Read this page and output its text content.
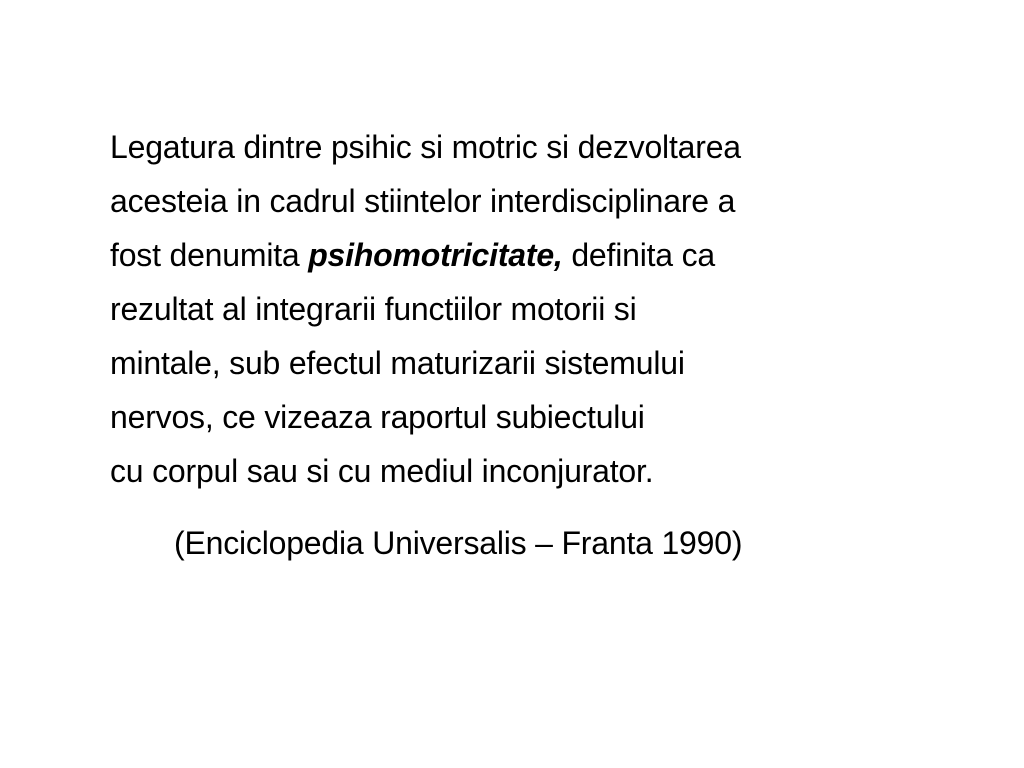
Legatura dintre psihic si motric si dezvoltarea
acesteia in cadrul stiintelor interdisciplinare a
fost denumita psihomotricitate, definita ca
rezultat al integrarii functiilor motorii si
mintale, sub efectul maturizarii sistemului
nervos, ce vizeaza raportul subiectului
cu corpul sau si cu mediul inconjurator.

(Enciclopedia Universalis – Franta 1990)
